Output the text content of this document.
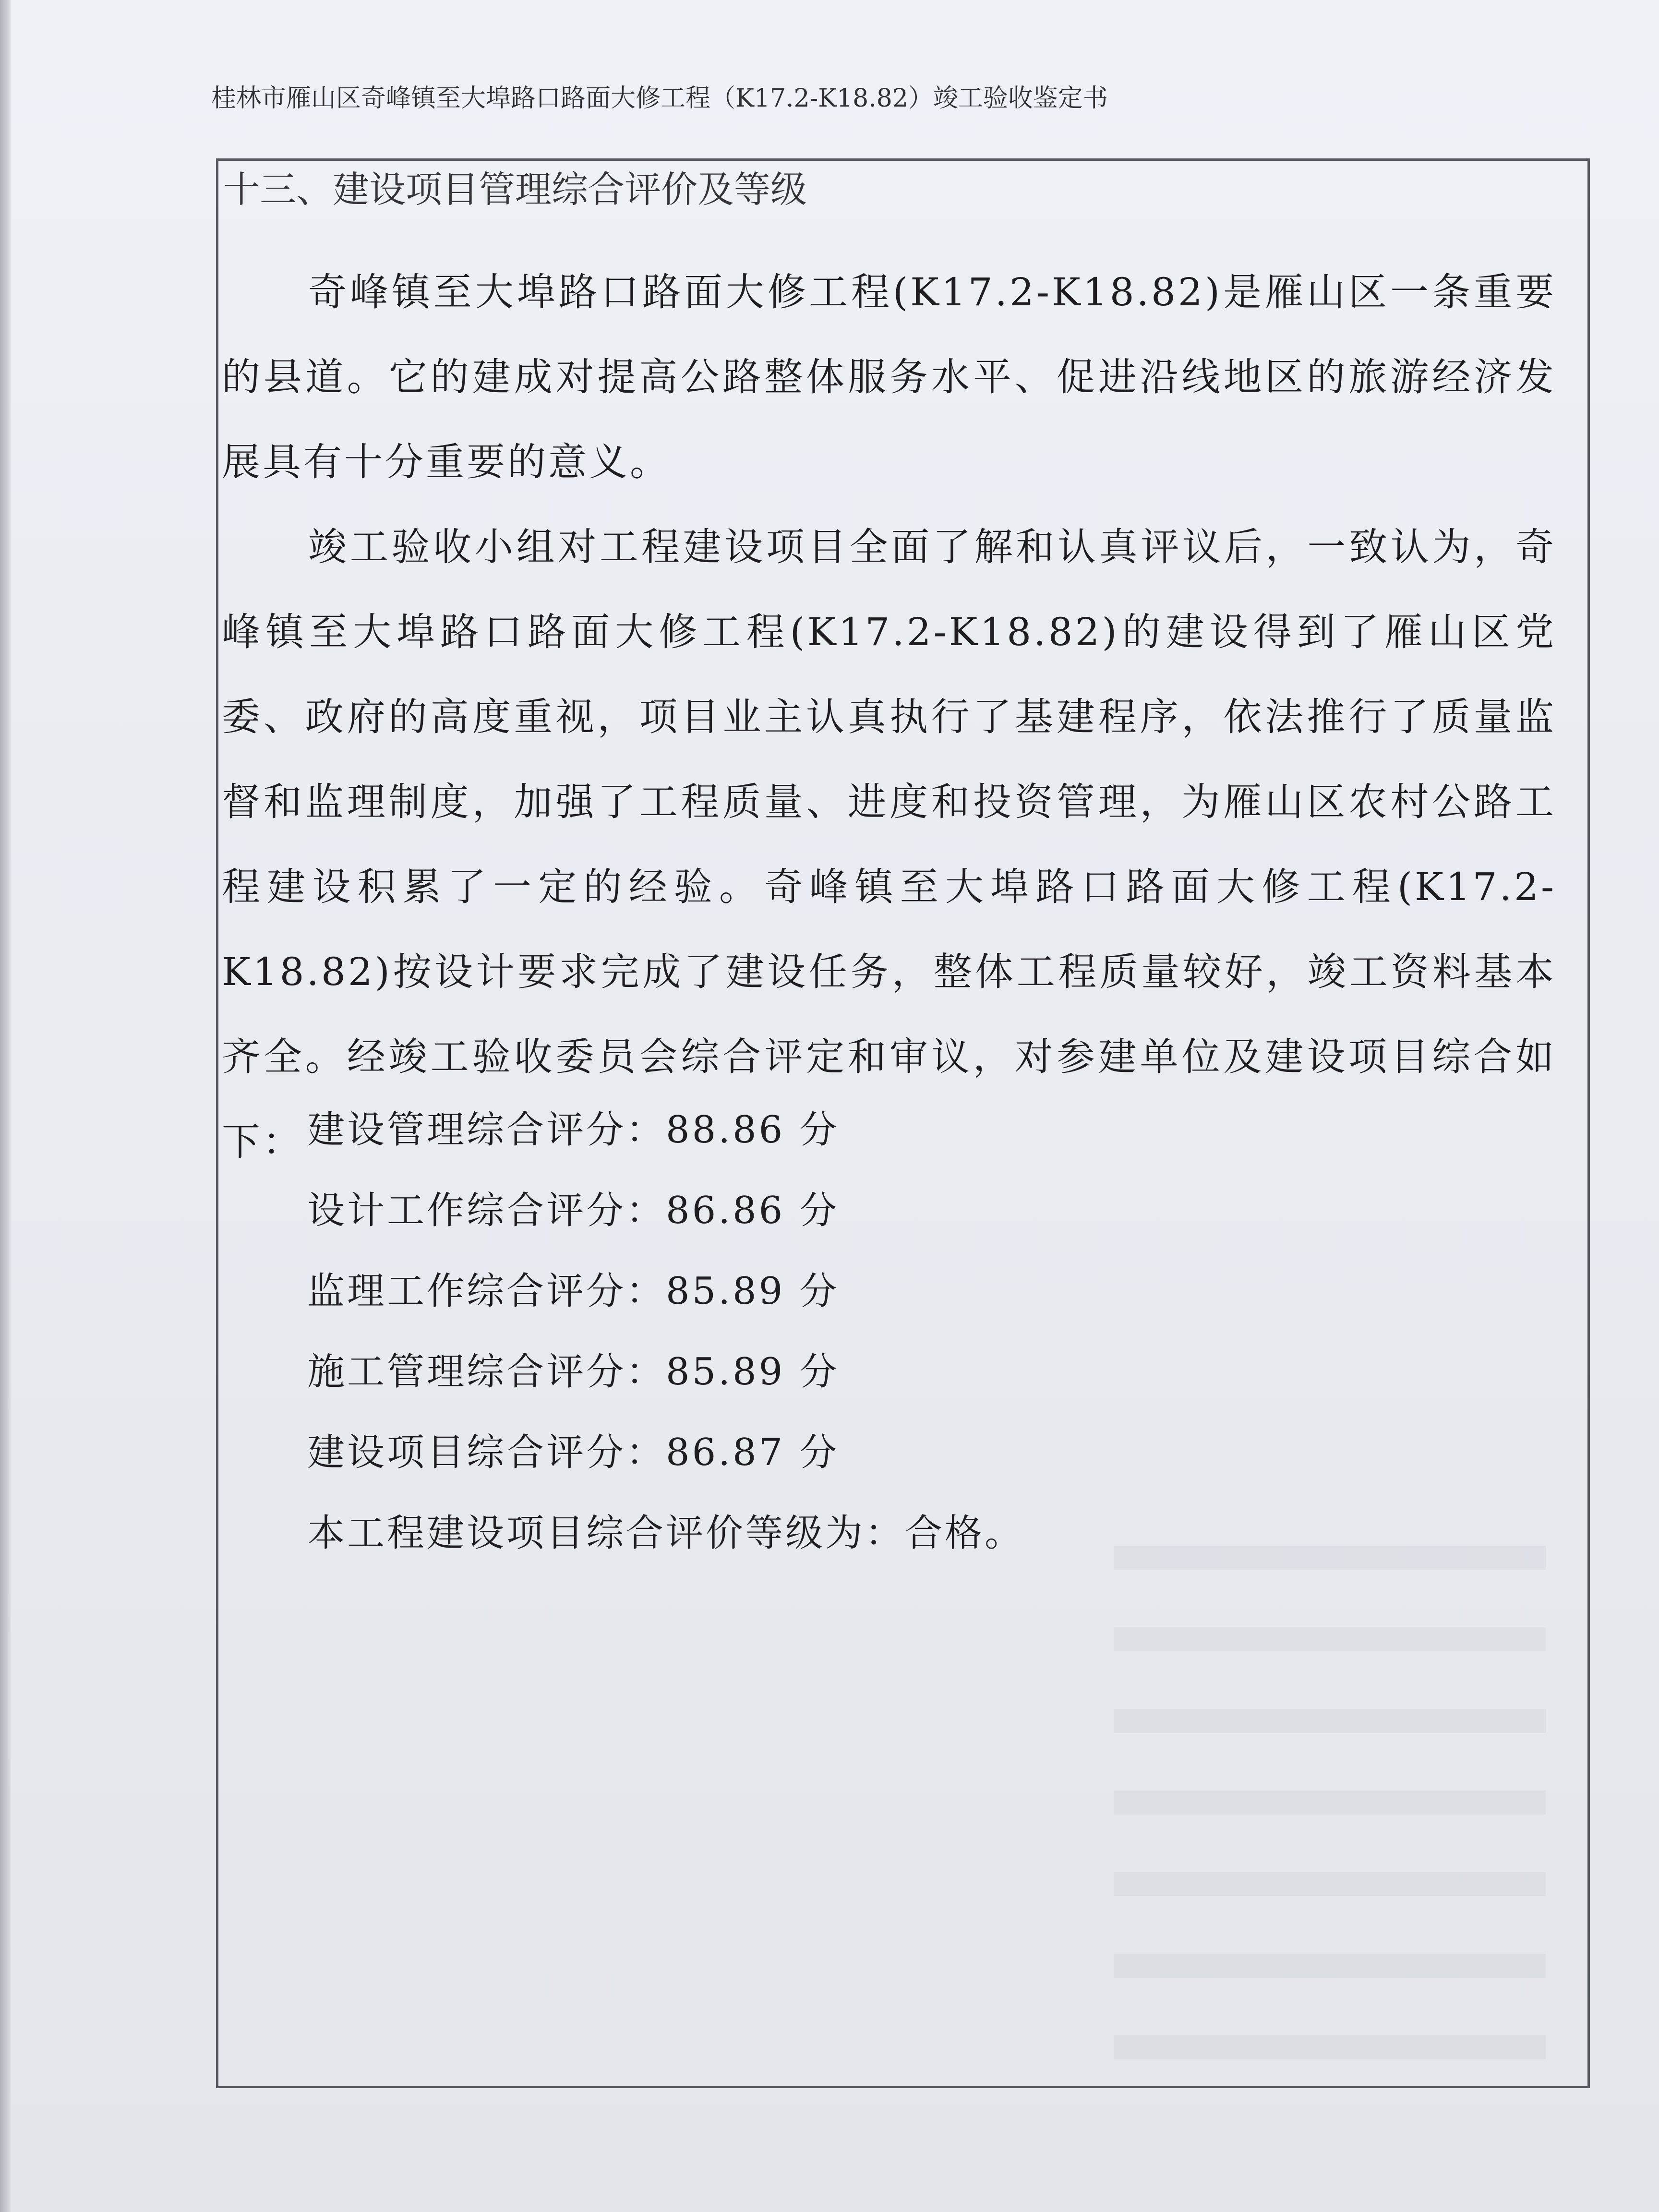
桂林市雁山区奇峰镇至大埠路口路面大修工程（K17.2-K18.82）竣工验收鉴定书
十三、建设项目管理综合评价及等级

奇峰镇至大埠路口路面大修工程(K17.2-K18.82)是雁山区一条重要的县道。它的建成对提高公路整体服务水平、促进沿线地区的旅游经济发展具有十分重要的意义。

竣工验收小组对工程建设项目全面了解和认真评议后，一致认为，奇峰镇至大埠路口路面大修工程(K17.2-K18.82)的建设得到了雁山区党委、政府的高度重视，项目业主认真执行了基建程序，依法推行了质量监督和监理制度，加强了工程质量、进度和投资管理，为雁山区农村公路工程建设积累了一定的经验。奇峰镇至大埠路口路面大修工程(K17.2-K18.82)按设计要求完成了建设任务，整体工程质量较好，竣工资料基本齐全。经竣工验收委员会综合评定和审议，对参建单位及建设项目综合如下： 建设管理综合评分：88.86 分
设计工作综合评分：86.86 分
监理工作综合评分：85.89 分
施工管理综合评分：85.89 分
建设项目综合评分：86.87 分
本工程建设项目综合评价等级为：合格。
